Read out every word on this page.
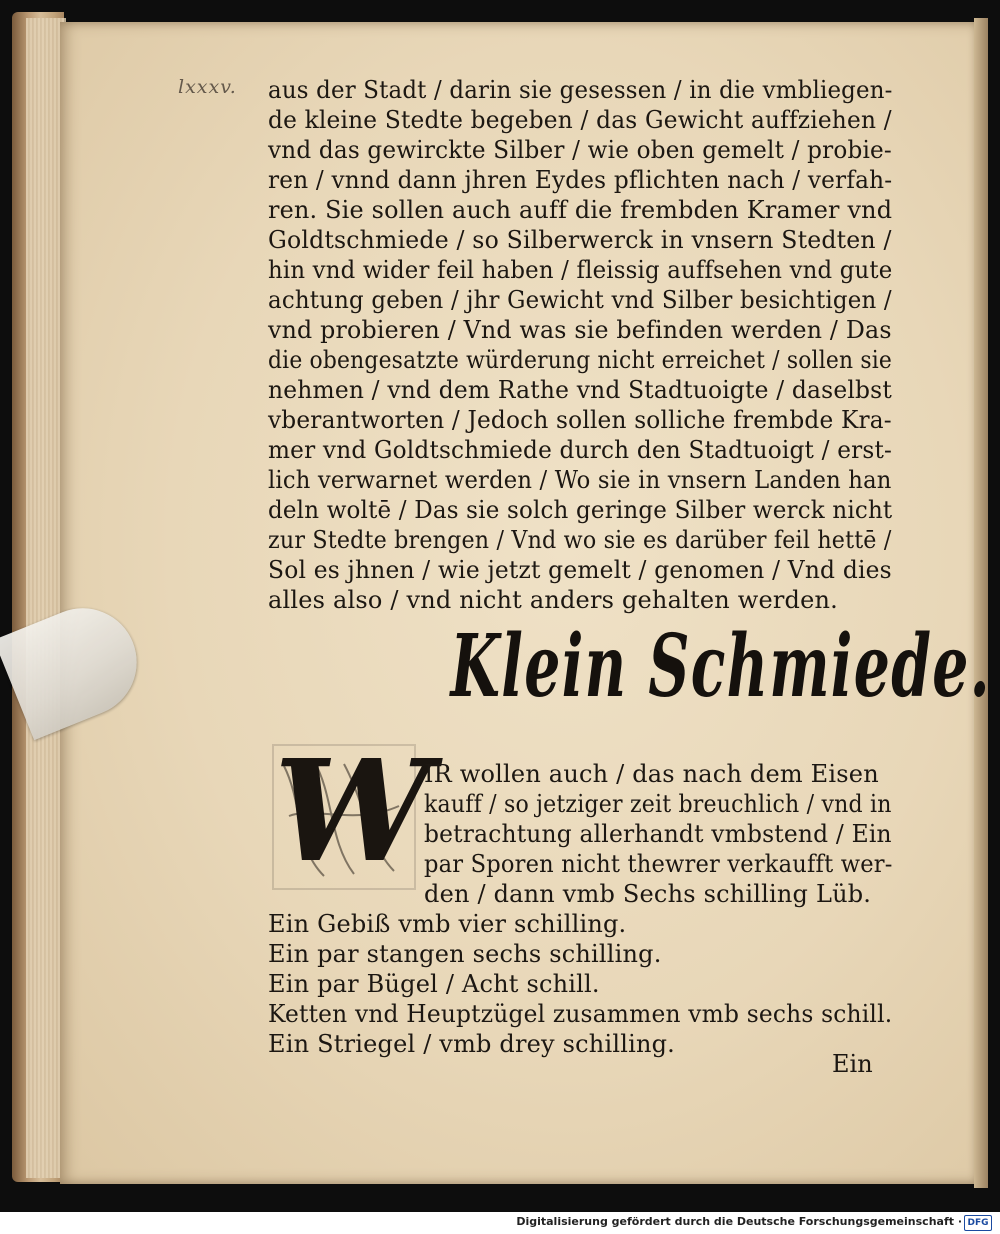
lxxxv. aus der Stadt / darin sie gesessen / in die vmbliegen-
de kleine Stedte begeben / das Gewicht auffziehen /
vnd das gewirckte Silber / wie oben gemelt / probie-
ren / vnnd dann jhren Eydes pflichten nach / verfah-
ren. Sie sollen auch auff die frembden Kramer vnd
Goldtschmiede / so Silberwerck in vnsern Stedten /
hin vnd wider feil haben / fleissig auffsehen vnd gute
achtung geben / jhr Gewicht vnd Silber besichtigen /
vnd probieren / Vnd was sie befinden werden / Das
die obengesatzte würderung nicht erreichet / sollen sie
nehmen / vnd dem Rathe vnd Stadtuoigte / daselbst
vberantworten / Jedoch sollen solliche frembde Kra-
mer vnd Goldtschmiede durch den Stadtuoigt / erst-
lich verwarnet werden / Wo sie in vnsern Landen han
deln woltē / Das sie solch geringe Silber werck nicht
zur Stedte brengen / Vnd wo sie es darüber feil hettē /
Sol es jhnen / wie jetzt gemelt / genomen / Vnd dies
alles also / vnd nicht anders gehalten werden.
Klein Schmiede.
W
IR wollen auch / das nach dem Eisen
kauff / so jetziger zeit breuchlich / vnd in
betrachtung allerhandt vmbstend / Ein
par Sporen nicht thewrer verkaufft wer-
den / dann vmb Sechs schilling Lüb.
Ein Gebiß vmb vier schilling.
Ein par stangen sechs schilling.
Ein par Bügel / Acht schill.
Ketten vnd Heuptzügel zusammen vmb sechs schill.
Ein Striegel / vmb drey schilling.
Ein
Digitalisierung gefördert durch die Deutsche Forschungsgemeinschaft · DFG
